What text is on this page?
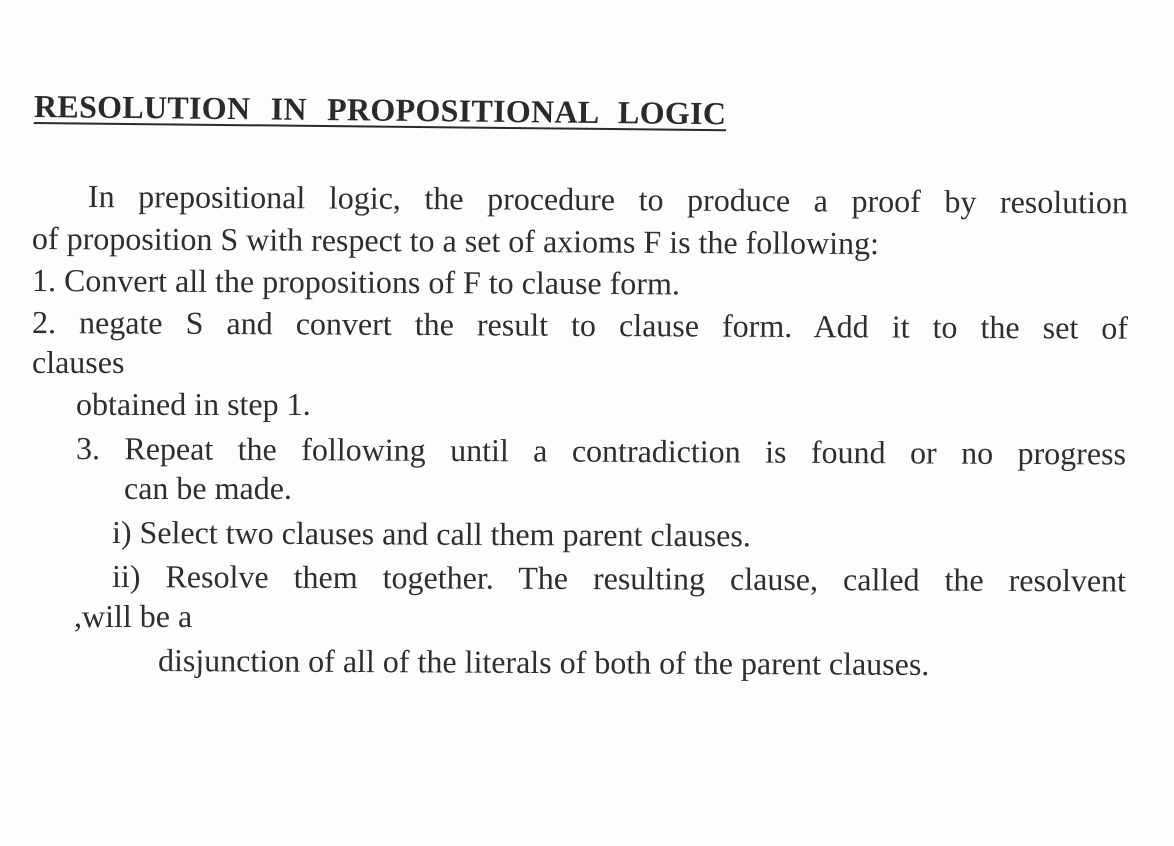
RESOLUTION IN PROPOSITIONAL LOGIC
In prepositional logic, the procedure to produce a proof by resolution
of proposition S with respect to a set of axioms F is the following:
1. Convert all the propositions of F to clause form.
2. negate S and convert the result to clause form. Add it to the set of
clauses
obtained in step 1.
3. Repeat the following until a contradiction is found or no progress
can be made.
i) Select two clauses and call them parent clauses.
ii) Resolve them together. The resulting clause, called the resolvent
,will be a
disjunction of all of the literals of both of the parent clauses.
